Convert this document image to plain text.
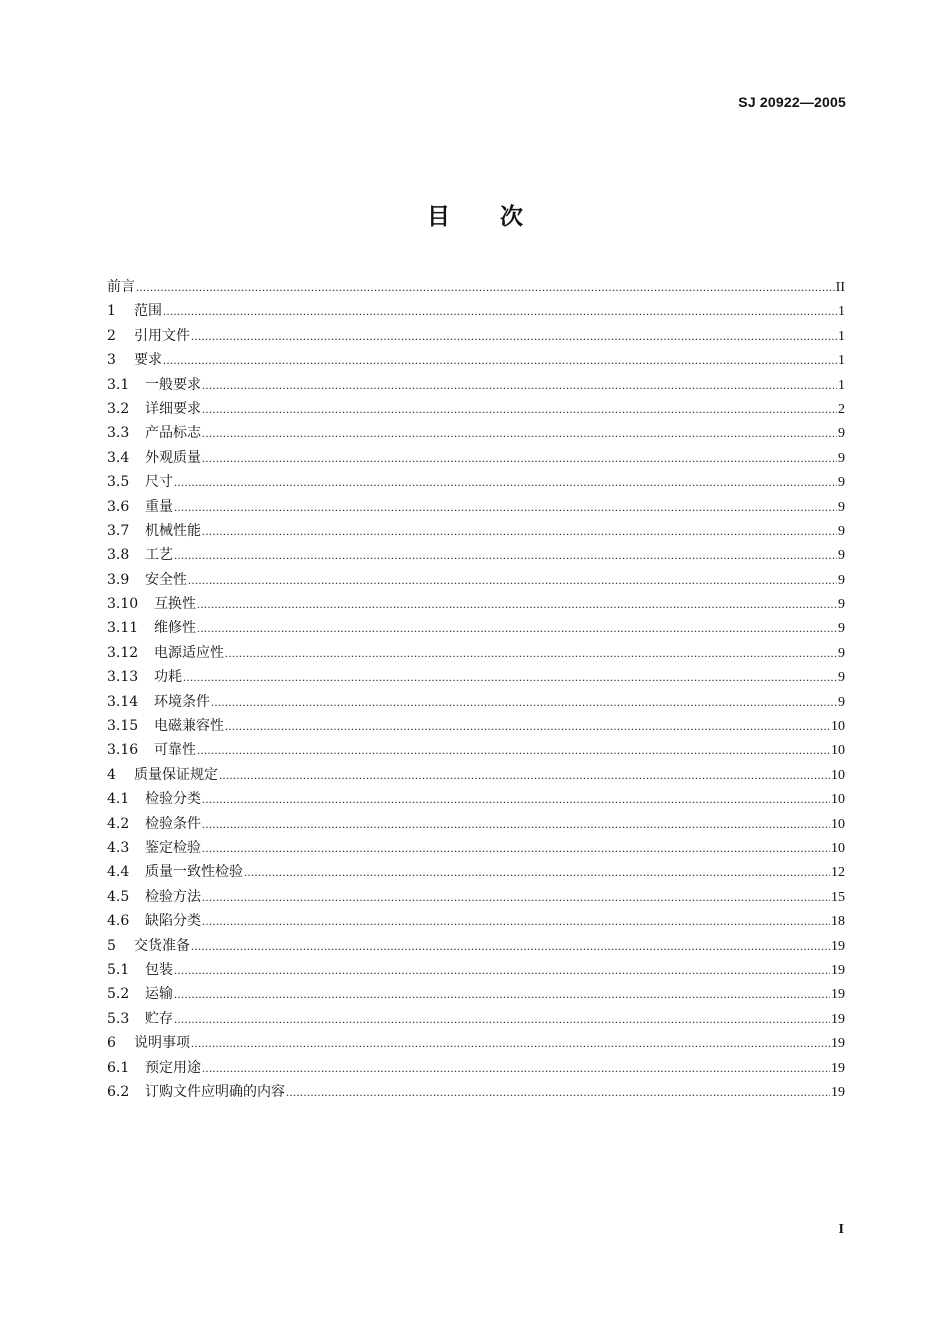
SJ 20922—2005
目 次
前言 .....	II
1	范围 .....	1
2	引用文件 .....	1
3	要求 .....	1
3.1	一般要求 .....	1
3.2	详细要求 .....	2
3.3	产品标志 .....	9
3.4	外观质量 .....	9
3.5	尺寸 .....	9
3.6	重量 .....	9
3.7	机械性能 .....	9
3.8	工艺 .....	9
3.9	安全性 .....	9
3.10	互换性 .....	9
3.11	维修性 .....	9
3.12	电源适应性 .....	9
3.13	功耗 .....	9
3.14	环境条件 .....	9
3.15	电磁兼容性 .....	10
3.16	可靠性 .....	10
4	质量保证规定 .....	10
4.1	检验分类 .....	10
4.2	检验条件 .....	10
4.3	鉴定检验 .....	10
4.4	质量一致性检验 .....	12
4.5	检验方法 .....	15
4.6	缺陷分类 .....	18
5	交货准备 .....	19
5.1	包装 .....	19
5.2	运输 .....	19
5.3	贮存 .....	19
6	说明事项 .....	19
6.1	预定用途 .....	19
6.2	订购文件应明确的内容 .....	19
I
